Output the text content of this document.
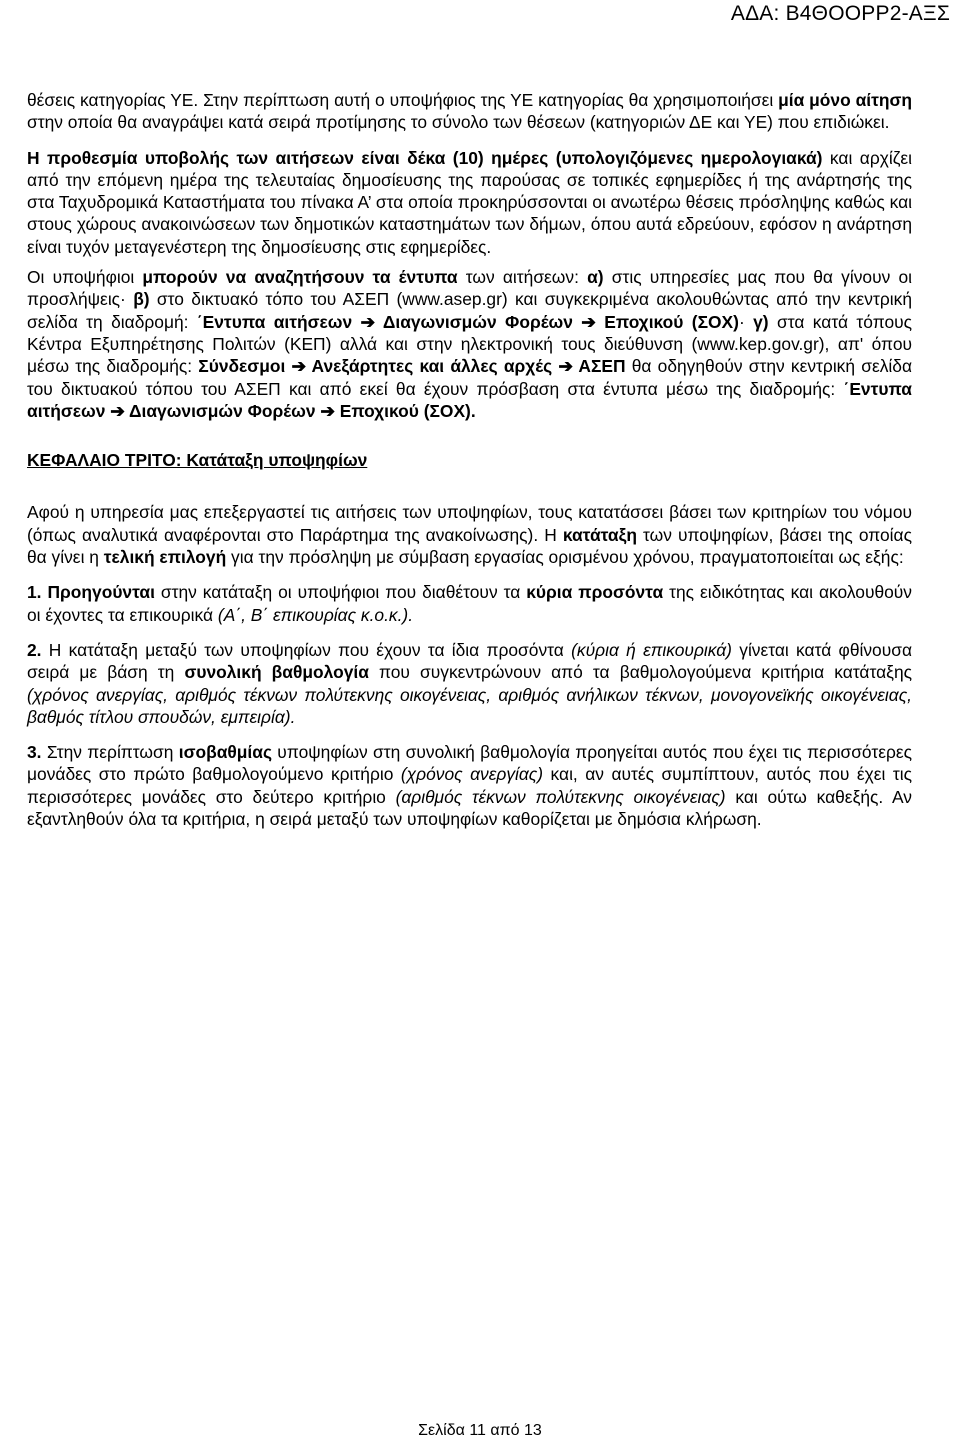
ΑΔΑ: Β4ΘΟΟΡΡ2-ΑΞΣ

θέσεις κατηγορίας ΥΕ. Στην περίπτωση αυτή ο υποψήφιος της ΥΕ κατηγορίας θα χρησιμοποιήσει μία μόνο αίτηση στην οποία θα αναγράψει κατά σειρά προτίμησης το σύνολο των θέσεων (κατηγοριών ΔΕ και ΥΕ) που επιδιώκει.

Η προθεσμία υποβολής των αιτήσεων είναι δέκα (10) ημέρες (υπολογιζόμενες ημερολογιακά) και αρχίζει από την επόμενη ημέρα της τελευταίας δημοσίευσης της παρούσας σε τοπικές εφημερίδες ή της ανάρτησής της στα Ταχυδρομικά Καταστήματα του πίνακα Α’ στα οποία προκηρύσσονται οι ανωτέρω θέσεις πρόσληψης καθώς και στους χώρους ανακοινώσεων των δημοτικών καταστημάτων των δήμων, όπου αυτά εδρεύουν, εφόσον η ανάρτηση είναι τυχόν μεταγενέστερη της δημοσίευσης στις εφημερίδες.

Οι υποψήφιοι μπορούν να αναζητήσουν τα έντυπα των αιτήσεων: α) στις υπηρεσίες μας που θα γίνουν οι προσλήψεις· β) στο δικτυακό τόπο του ΑΣΕΠ (www.asep.gr) και συγκεκριμένα ακολουθώντας από την κεντρική σελίδα τη διαδρομή: ΄Εντυπα αιτήσεων ➔ Διαγωνισμών Φορέων ➔ Εποχικού (ΣΟΧ)· γ) στα κατά τόπους Κέντρα Εξυπηρέτησης Πολιτών (ΚΕΠ) αλλά και στην ηλεκτρονική τους διεύθυνση (www.kep.gov.gr), απ' όπου μέσω της διαδρομής: Σύνδεσμοι ➔ Ανεξάρτητες και άλλες αρχές ➔ ΑΣΕΠ θα οδηγηθούν στην κεντρική σελίδα του δικτυακού τόπου του ΑΣΕΠ και από εκεί θα έχουν πρόσβαση στα έντυπα μέσω της διαδρομής: ΄Εντυπα αιτήσεων ➔ Διαγωνισμών Φορέων ➔ Εποχικού (ΣΟΧ).

ΚΕΦΑΛΑΙΟ ΤΡΙΤΟ: Κατάταξη υποψηφίων

Αφού η υπηρεσία μας επεξεργαστεί τις αιτήσεις των υποψηφίων, τους κατατάσσει βάσει των κριτηρίων του νόμου (όπως αναλυτικά αναφέρονται στο Παράρτημα της ανακοίνωσης). Η κατάταξη των υποψηφίων, βάσει της οποίας θα γίνει η τελική επιλογή για την πρόσληψη με σύμβαση εργασίας ορισμένου χρόνου, πραγματοποιείται ως εξής:

1. Προηγούνται στην κατάταξη οι υποψήφιοι που διαθέτουν τα κύρια προσόντα της ειδικότητας και ακολουθούν οι έχοντες τα επικουρικά (Α΄, Β΄ επικουρίας κ.ο.κ.).

2. Η κατάταξη μεταξύ των υποψηφίων που έχουν τα ίδια προσόντα (κύρια ή επικουρικά) γίνεται κατά φθίνουσα σειρά με βάση τη συνολική βαθμολογία που συγκεντρώνουν από τα βαθμολογούμενα κριτήρια κατάταξης (χρόνος ανεργίας, αριθμός τέκνων πολύτεκνης οικογένειας, αριθμός ανήλικων τέκνων, μονογονεϊκής οικογένειας, βαθμός τίτλου σπουδών, εμπειρία).

3. Στην περίπτωση ισοβαθμίας υποψηφίων στη συνολική βαθμολογία προηγείται αυτός που έχει τις περισσότερες μονάδες στο πρώτο βαθμολογούμενο κριτήριο (χρόνος ανεργίας) και, αν αυτές συμπίπτουν, αυτός που έχει τις περισσότερες μονάδες στο δεύτερο κριτήριο (αριθμός τέκνων πολύτεκνης οικογένειας) και ούτω καθεξής. Αν εξαντληθούν όλα τα κριτήρια, η σειρά μεταξύ των υποψηφίων καθορίζεται με δημόσια κλήρωση.

Σελίδα 11 από 13
